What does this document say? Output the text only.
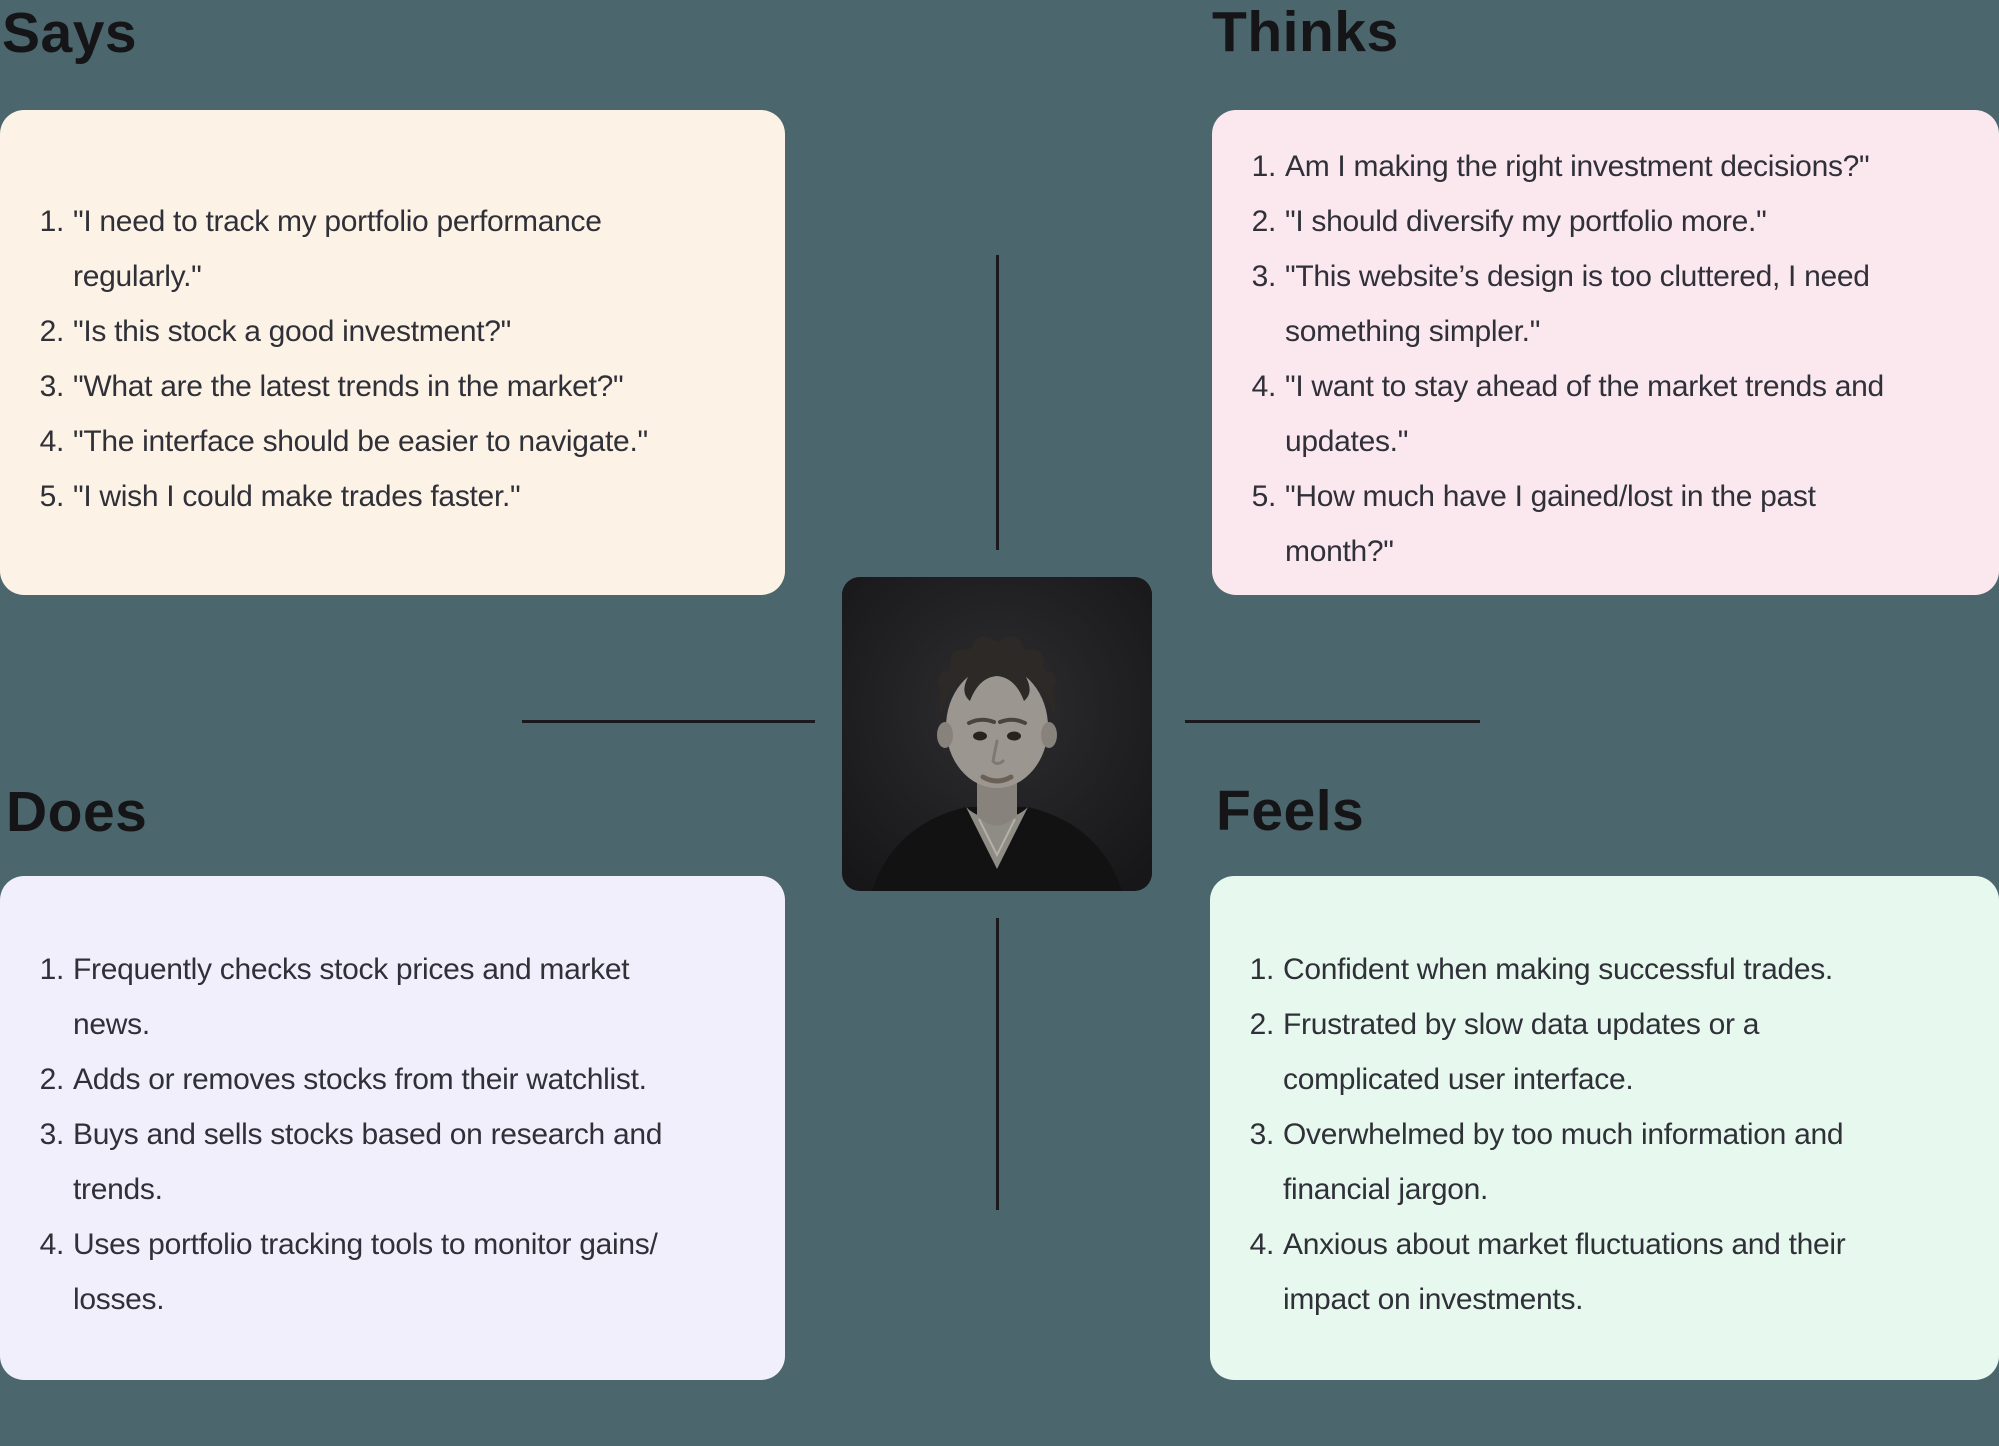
Says	Thinks
Does	Feels
1. "I need to track my portfolio performance
regularly."
2. "Is this stock a good investment?"
3. "What are the latest trends in the market?"
4. "The interface should be easier to navigate."
5. "I wish I could make trades faster."
1. Am I making the right investment decisions?"
2. "I should diversify my portfolio more."
3. "This website’s design is too cluttered, I need
something simpler."
4. "I want to stay ahead of the market trends and
updates."
5. "How much have I gained/lost in the past
month?"
1. Frequently checks stock prices and market
news.
2. Adds or removes stocks from their watchlist.
3. Buys and sells stocks based on research and
trends.
4. Uses portfolio tracking tools to monitor gains/
losses.
1. Confident when making successful trades.
2. Frustrated by slow data updates or a
complicated user interface.
3. Overwhelmed by too much information and
financial jargon.
4. Anxious about market fluctuations and their
impact on investments.
